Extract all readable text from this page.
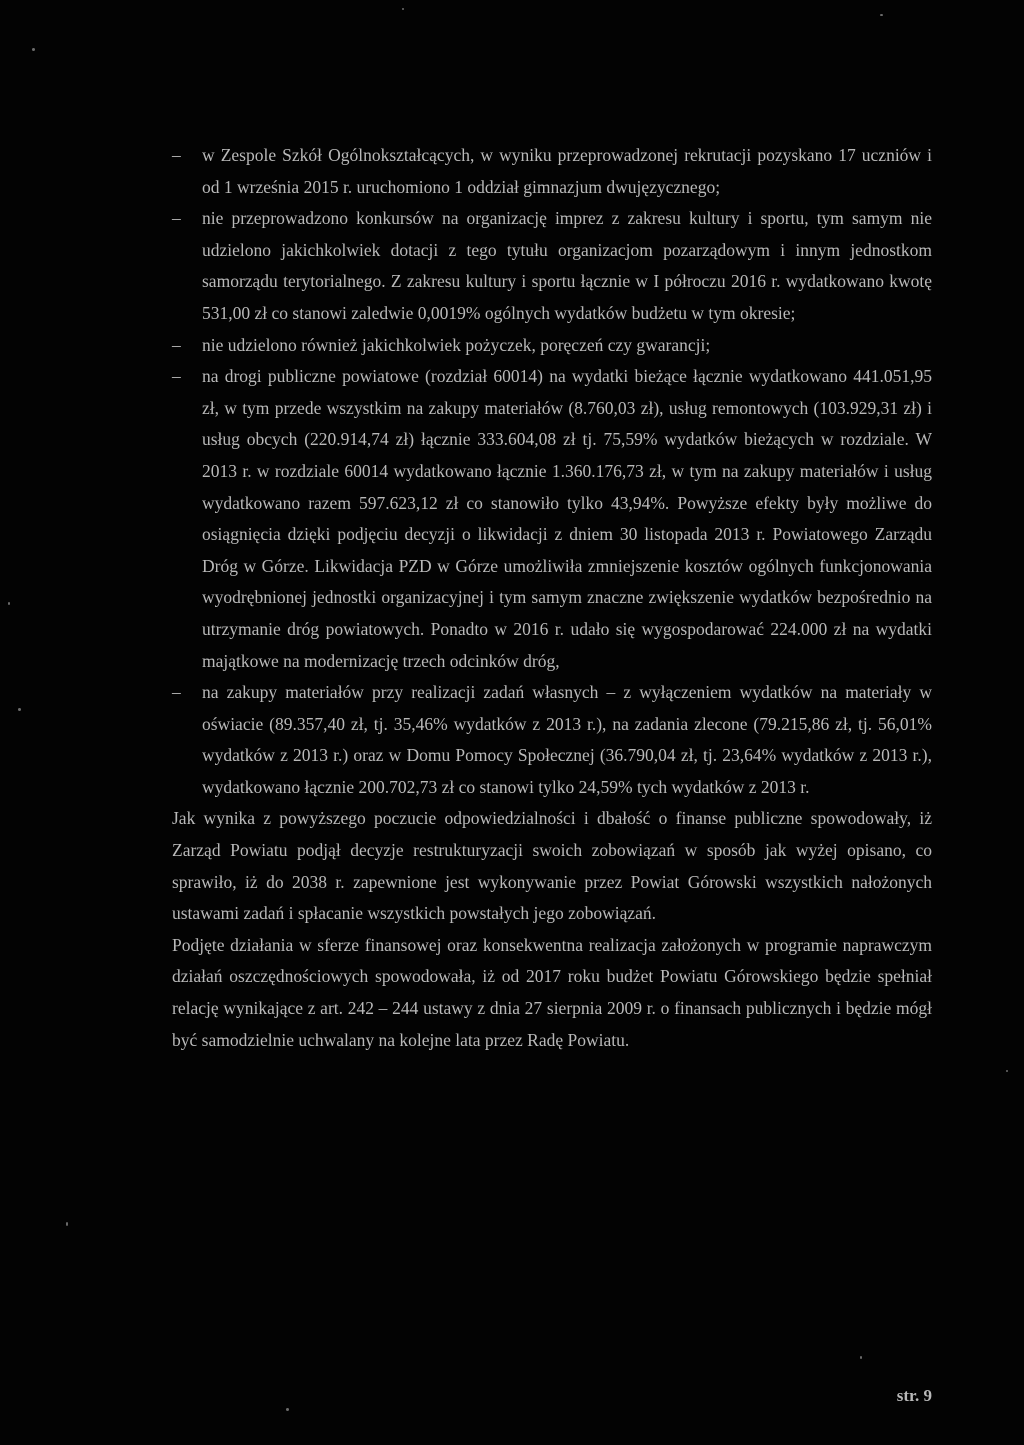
– w Zespole Szkół Ogólnokształcących, w wyniku przeprowadzonej rekrutacji pozyskano 17 uczniów i od 1 września 2015 r. uruchomiono 1 oddział gimnazjum dwujęzycznego;
– nie przeprowadzono konkursów na organizację imprez z zakresu kultury i sportu, tym samym nie udzielono jakichkolwiek dotacji z tego tytułu organizacjom pozarządowym i innym jednostkom samorządu terytorialnego. Z zakresu kultury i sportu łącznie w I półroczu 2016 r. wydatkowano kwotę 531,00 zł co stanowi zaledwie 0,0019% ogólnych wydatków budżetu w tym okresie;
– nie udzielono również jakichkolwiek pożyczek, poręczeń czy gwarancji;
– na drogi publiczne powiatowe (rozdział 60014) na wydatki bieżące łącznie wydatkowano 441.051,95 zł, w tym przede wszystkim na zakupy materiałów (8.760,03 zł), usług remontowych (103.929,31 zł) i usług obcych (220.914,74 zł) łącznie 333.604,08 zł tj. 75,59% wydatków bieżących w rozdziale. W 2013 r. w rozdziale 60014 wydatkowano łącznie 1.360.176,73 zł, w tym na zakupy materiałów i usług wydatkowano razem 597.623,12 zł co stanowiło tylko 43,94%. Powyższe efekty były możliwe do osiągnięcia dzięki podjęciu decyzji o likwidacji z dniem 30 listopada 2013 r. Powiatowego Zarządu Dróg w Górze. Likwidacja PZD w Górze umożliwiła zmniejszenie kosztów ogólnych funkcjonowania wyodrębnionej jednostki organizacyjnej i tym samym znaczne zwiększenie wydatków bezpośrednio na utrzymanie dróg powiatowych. Ponadto w 2016 r. udało się wygospodarować 224.000 zł na wydatki majątkowe na modernizację trzech odcinków dróg,
– na zakupy materiałów przy realizacji zadań własnych – z wyłączeniem wydatków na materiały w oświacie (89.357,40 zł, tj. 35,46% wydatków z 2013 r.), na zadania zlecone (79.215,86 zł, tj. 56,01% wydatków z 2013 r.) oraz w Domu Pomocy Społecznej (36.790,04 zł, tj. 23,64% wydatków z 2013 r.), wydatkowano łącznie 200.702,73 zł co stanowi tylko 24,59% tych wydatków z 2013 r.

Jak wynika z powyższego poczucie odpowiedzialności i dbałość o finanse publiczne spowodowały, iż Zarząd Powiatu podjął decyzje restrukturyzacji swoich zobowiązań w sposób jak wyżej opisano, co sprawiło, iż do 2038 r. zapewnione jest wykonywanie przez Powiat Górowski wszystkich nałożonych ustawami zadań i spłacanie wszystkich powstałych jego zobowiązań.

Podjęte działania w sferze finansowej oraz konsekwentna realizacja założonych w programie naprawczym działań oszczędnościowych spowodowała, iż od 2017 roku budżet Powiatu Górowskiego będzie spełniał relację wynikające z art. 242 – 244 ustawy z dnia 27 sierpnia 2009 r. o finansach publicznych i będzie mógł być samodzielnie uchwalany na kolejne lata przez Radę Powiatu.

str. 9
